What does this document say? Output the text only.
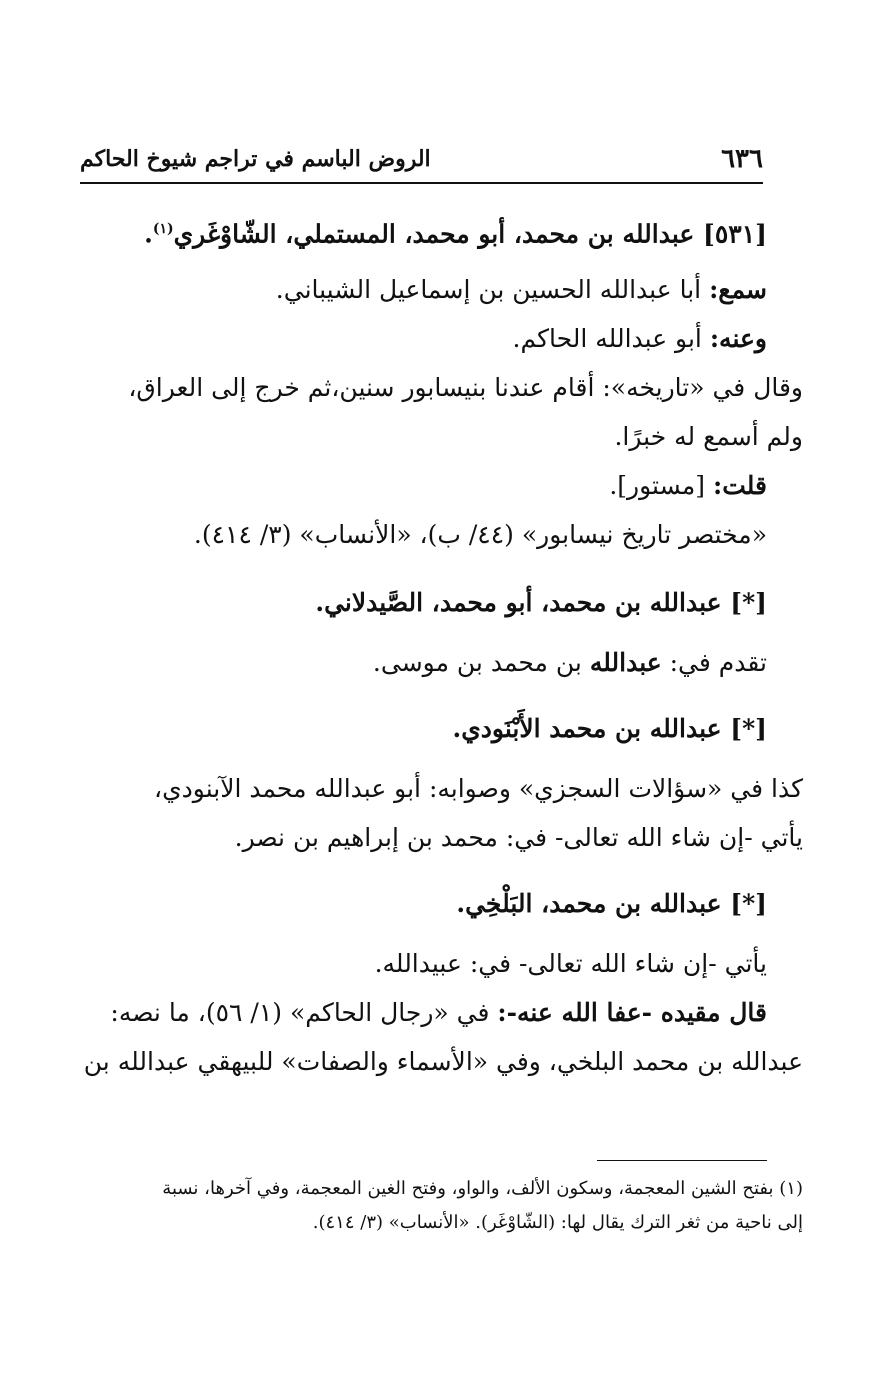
٦٣٦
الروض الباسم في تراجم شيوخ الحاكم

[٥٣١] عبدالله بن محمد، أبو محمد، المستملي، الشّاوْغَري$^{(١)}$.

سمع: أبا عبدالله الحسين بن إسماعيل الشيباني.

وعنه: أبو عبدالله الحاكم.

وقال في «تاريخه»: أقام عندنا بنيسابور سنين،ثم خرج إلى العراق،

ولم أسمع له خبرًا.

قلت: [مستور].

«مختصر تاريخ نيسابور» (٤٤/ ب)، «الأنساب» (٣/ ٤١٤).

[*] عبدالله بن محمد، أبو محمد، الصَّيدلاني.

تقدم في: عبدالله بن محمد بن موسى.

[*] عبدالله بن محمد الأَبْنَودي.

كذا في «سؤالات السجزي» وصوابه: أبو عبدالله محمد الآبنودي،

يأتي -إن شاء الله تعالى- في: محمد بن إبراهيم بن نصر.

[*] عبدالله بن محمد، البَلْخِي.

يأتي -إن شاء الله تعالى- في: عبيدالله.

قال مقيده -عفا الله عنه-: في «رجال الحاكم» (١/ ٥٦)، ما نصه:

عبدالله بن محمد البلخي، وفي «الأسماء والصفات» للبيهقي عبدالله بن

(١) بفتح الشين المعجمة، وسكون الألف، والواو، وفتح الغين المعجمة، وفي آخرها، نسبة

إلى ناحية من ثغر الترك يقال لها: (الشّاوْغَر). «الأنساب» (٣/ ٤١٤).
